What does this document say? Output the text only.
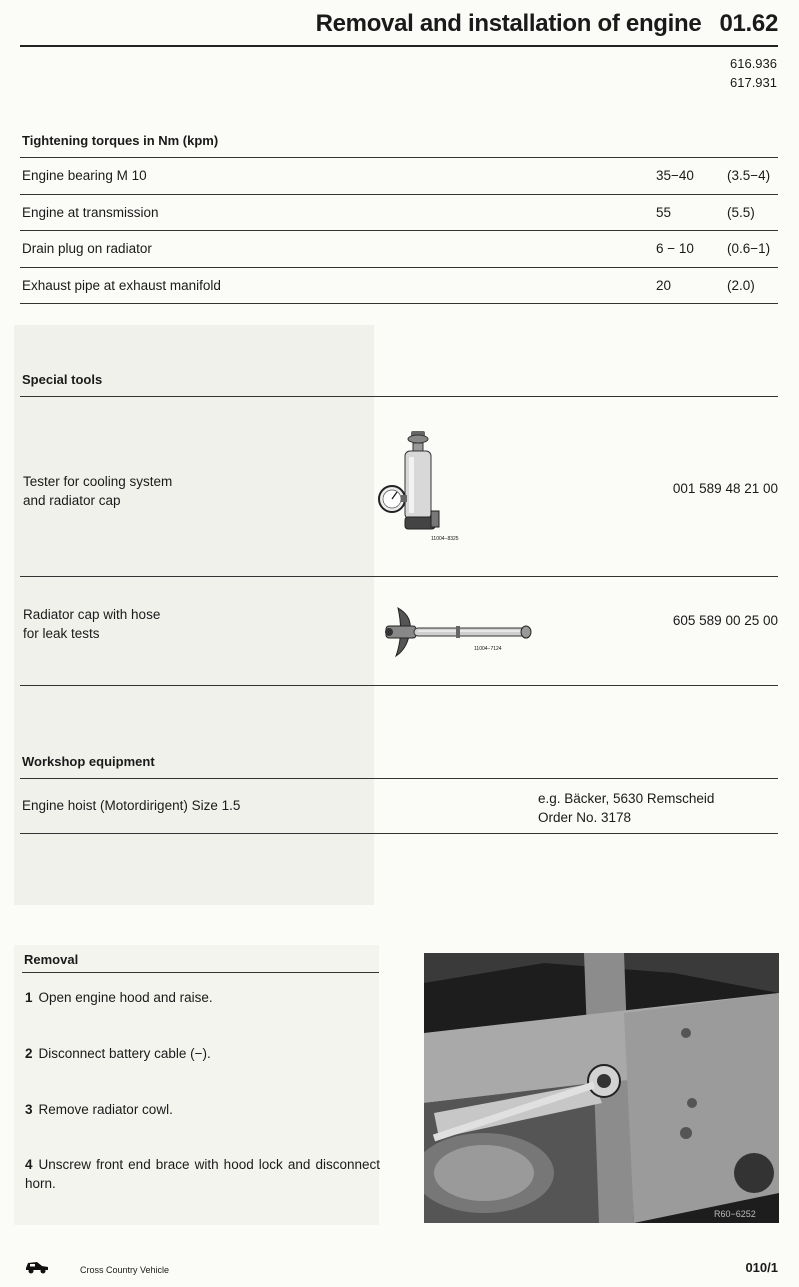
Removal and installation of engine 01.62
616.936
617.931
Tightening torques in Nm (kpm)
Engine bearing M 10	35−40 (3.5−4)
Engine at transmission	55	(5.5)
Drain plug on radiator	6 − 10 (0.6−1)
Exhaust pipe at exhaust manifold	20	(2.0)
Special tools
Tester for cooling system
and radiator cap
11004−8325
001 589 48 21 00
Radiator cap with hose
for leak tests
11004−7124
605 589 00 25 00
Workshop equipment
Engine hoist (Motordirigent) Size 1.5	e.g. Bäcker, 5630 Remscheid
Order No. 3178
Removal
1 Open engine hood and raise.
2 Disconnect battery cable (−).
3 Remove radiator cowl.
4 Unscrew front end brace with hood lock and disconnect horn.
R60−6252
Cross Country Vehicle	010/1
